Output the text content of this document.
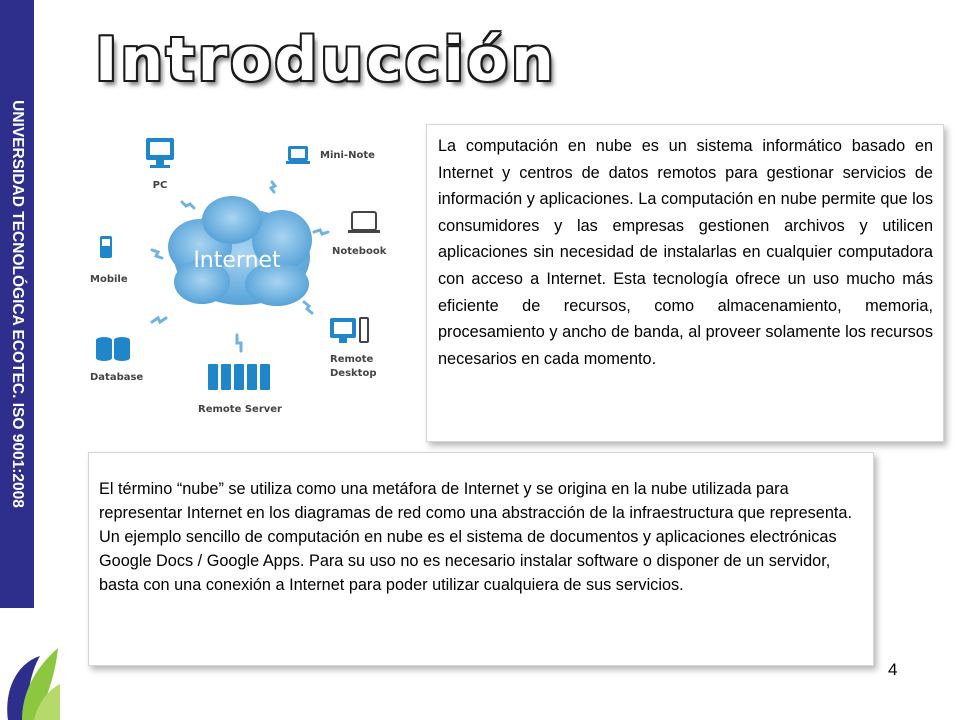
UNIVERSIDAD TECNOLÓGICA ECOTEC. ISO 9001:2008
Introducción
Internet
PC
Mini-Note
Notebook
Mobile
Database
Remote Server
Remote
Desktop
La computación en nube es un sistema informático basado en Internet y centros de datos remotos para gestionar servicios de información y aplicaciones. La computación en nube permite que los consumidores y las empresas gestionen archivos y utilicen aplicaciones sin necesidad de instalarlas en cualquier computadora con acceso a Internet. Esta tecnología ofrece un uso mucho más eficiente de recursos, como almacenamiento, memoria, procesamiento y ancho de banda, al proveer solamente los recursos necesarios en cada momento.

El término “nube” se utiliza como una metáfora de Internet y se origina en la nube utilizada para representar Internet en los diagramas de red como una abstracción de la infraestructura que representa.

Un ejemplo sencillo de computación en nube es el sistema de documentos y aplicaciones electrónicas Google Docs / Google Apps. Para su uso no es necesario instalar software o disponer de un servidor, basta con una conexión a Internet para poder utilizar cualquiera de sus servicios.

4
